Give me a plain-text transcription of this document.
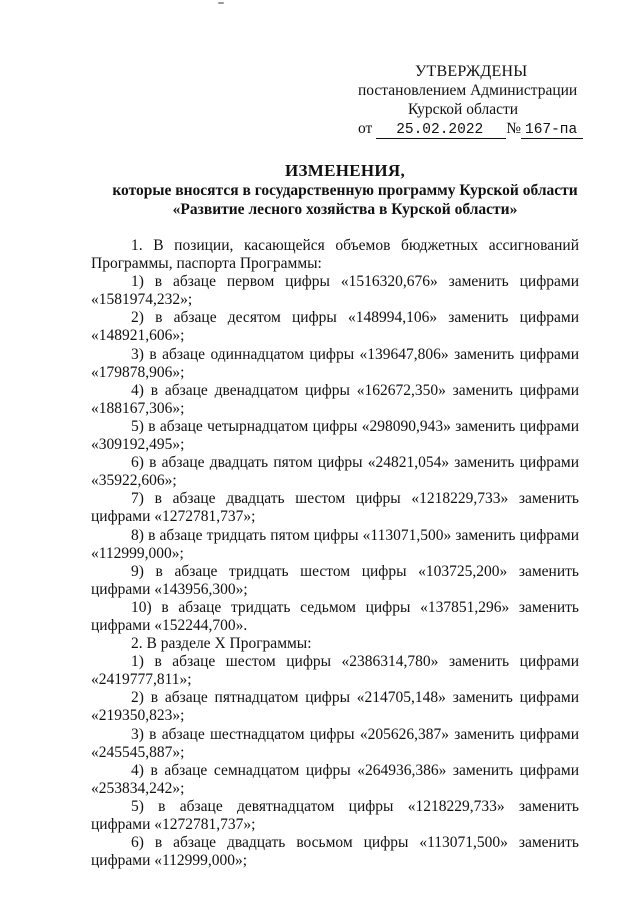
УТВЕРЖДЕНЫ
постановлением Администрации
Курской области
от 25.02.2022 № 167-па
ИЗМЕНЕНИЯ,
которые вносятся в государственную программу Курской области
«Развитие лесного хозяйства в Курской области»

1. В позиции, касающейся объемов бюджетных ассигнований Программы, паспорта Программы:

1) в абзаце первом цифры «1516320,676» заменить цифрами «1581974,232»;

2) в абзаце десятом цифры «148994,106» заменить цифрами «148921,606»;

3) в абзаце одиннадцатом цифры «139647,806» заменить цифрами «179878,906»;

4) в абзаце двенадцатом цифры «162672,350» заменить цифрами «188167,306»;

5) в абзаце четырнадцатом цифры «298090,943» заменить цифрами «309192,495»;

6) в абзаце двадцать пятом цифры «24821,054» заменить цифрами «35922,606»;

7) в абзаце двадцать шестом цифры «1218229,733» заменить цифрами «1272781,737»;

8) в абзаце тридцать пятом цифры «113071,500» заменить цифрами «112999,000»;

9) в абзаце тридцать шестом цифры «103725,200» заменить цифрами «143956,300»;

10) в абзаце тридцать седьмом цифры «137851,296» заменить цифрами «152244,700».

2. В разделе X Программы:

1) в абзаце шестом цифры «2386314,780» заменить цифрами «2419777,811»;

2) в абзаце пятнадцатом цифры «214705,148» заменить цифрами «219350,823»;

3) в абзаце шестнадцатом цифры «205626,387» заменить цифрами «245545,887»;

4) в абзаце семнадцатом цифры «264936,386» заменить цифрами «253834,242»;

5) в абзаце девятнадцатом цифры «1218229,733» заменить цифрами «1272781,737»;

6) в абзаце двадцать восьмом цифры «113071,500» заменить цифрами «112999,000»;
